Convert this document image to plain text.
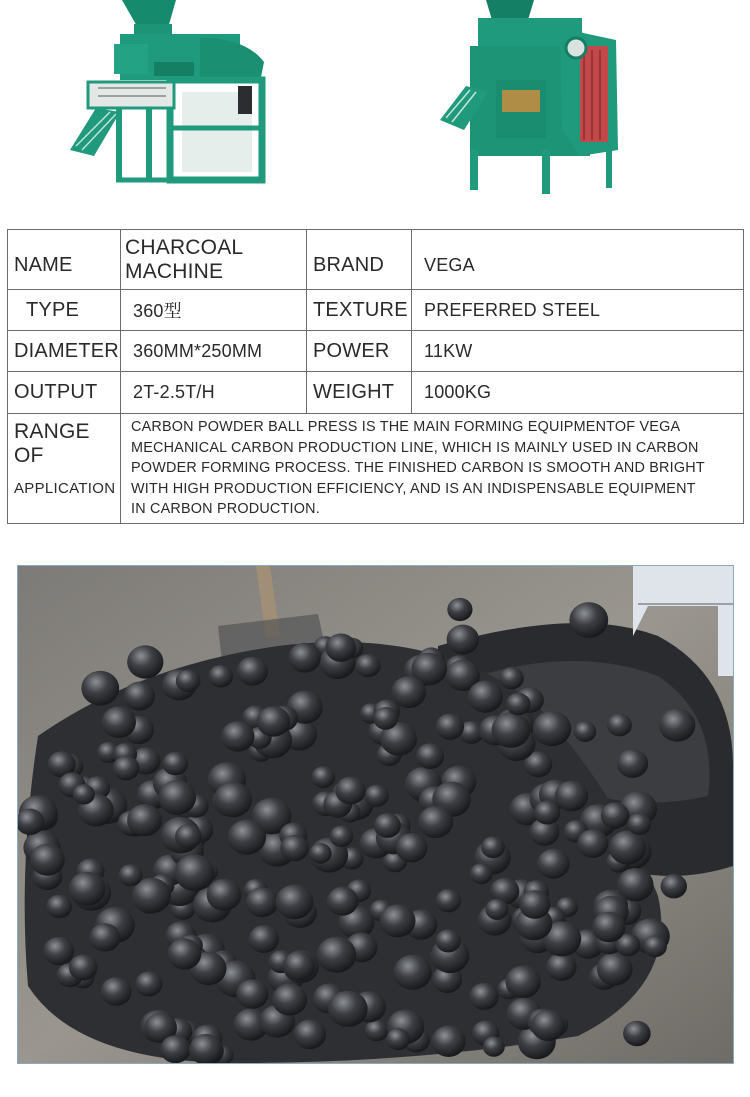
NAME	CHARCOAL MACHINE	BRAND	VEGA
TYPE	360型	TEXTURE	PREFERRED STEEL
DIAMETER	360MM*250MM	POWER	11KW
OUTPUT	2T-2.5T/H	WEIGHT	1000KG

RANGE OF
APPLICATION	CARBON POWDER BALL PRESS IS THE MAIN FORMING EQUIPMENTOF VEGA
MECHANICAL CARBON PRODUCTION LINE, WHICH IS MAINLY USED IN CARBON
POWDER FORMING PROCESS. THE FINISHED CARBON IS SMOOTH AND BRIGHT
WITH HIGH PRODUCTION EFFICIENCY, AND IS AN INDISPENSABLE EQUIPMENT
IN CARBON PRODUCTION.		
